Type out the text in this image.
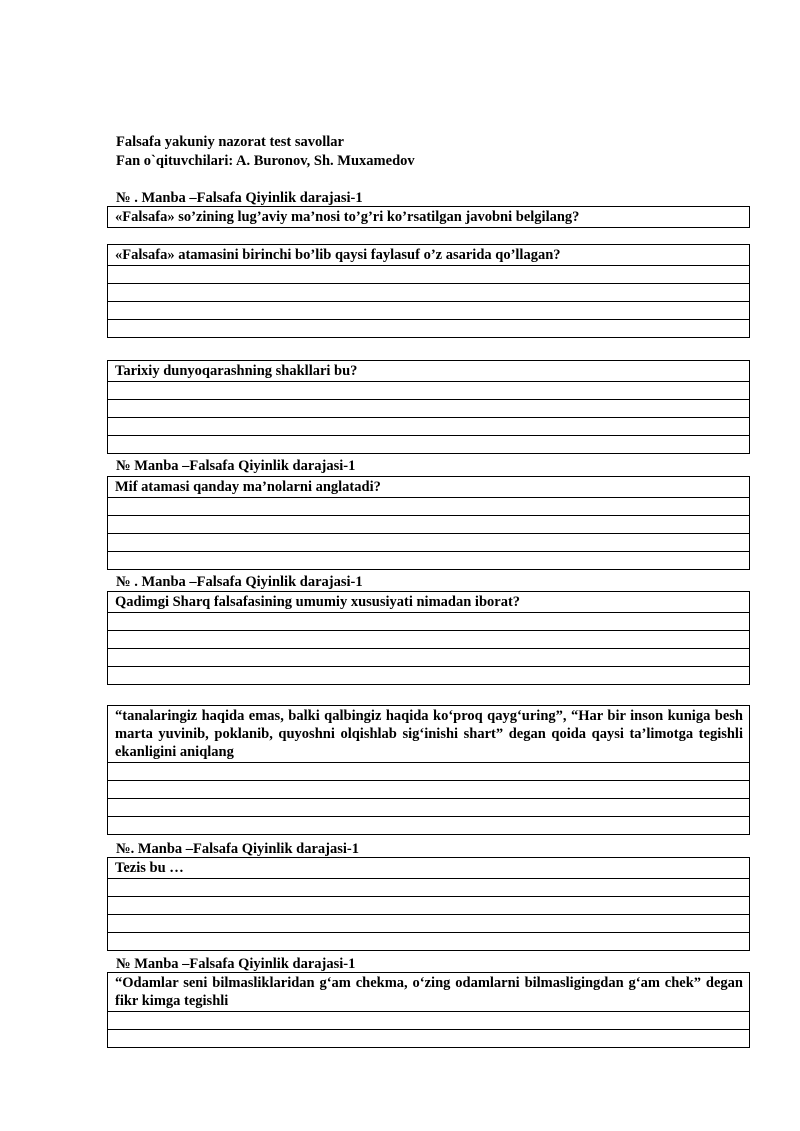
Falsafa yakuniy nazorat test savollar
Fan o`qituvchilari: A. Buronov, Sh. Muxamedov
№ . Manba –Falsafa Qiyinlik darajasi-1
«Falsafa» so’zining lug’aviy ma’nosi to’g’ri ko’rsatilgan javobni belgilang?
«Falsafa» atamasini birinchi bo’lib qaysi faylasuf o’z asarida qo’llagan?

Tarixiy dunyoqarashning shakllari bu?

№ Manba –Falsafa Qiyinlik darajasi-1
Mif atamasi qanday ma’nolarni anglatadi?

№ . Manba –Falsafa Qiyinlik darajasi-1
Qadimgi Sharq falsafasining umumiy xususiyati nimadan iborat?

“tanalaringiz haqida emas, balki qalbingiz haqida ko‘proq qayg‘uring”, “Har bir inson kuniga besh marta yuvinib, poklanib, quyoshni olqishlab sig‘inishi shart” degan qoida qaysi ta’limotga tegishli ekanligini aniqlang

№. Manba –Falsafa Qiyinlik darajasi-1
Tezis bu …

№ Manba –Falsafa Qiyinlik darajasi-1
“Odamlar seni bilmasliklaridan g‘am chekma, o‘zing odamlarni bilmasligingdan g‘am chek” degan fikr kimga tegishli
